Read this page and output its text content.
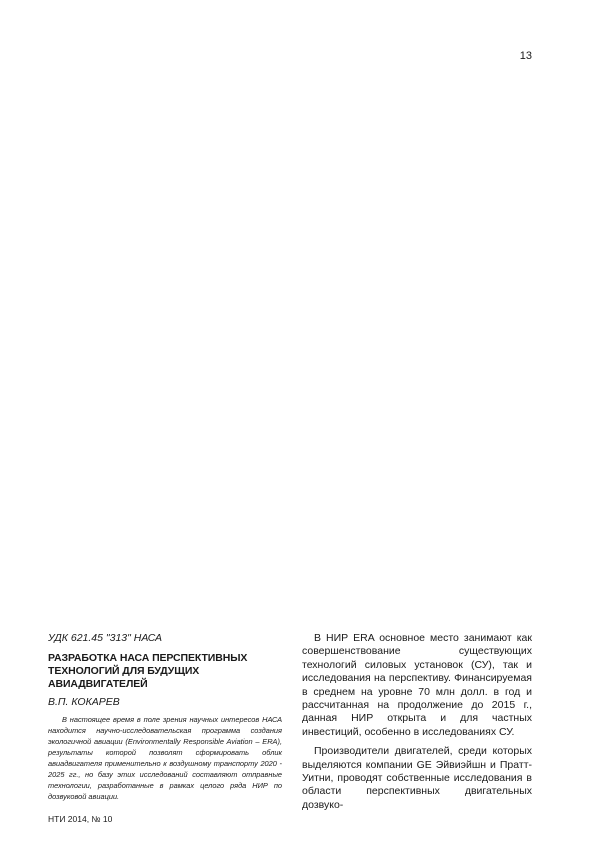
13
УДК 621.45 "313" НАСА
РАЗРАБОТКА НАСА ПЕРСПЕКТИВНЫХ ТЕХНОЛОГИЙ ДЛЯ БУДУЩИХ АВИАДВИГАТЕЛЕЙ
В.П. КОКАРЕВ
В настоящее время в поле зрения научных интересов НАСА находится научно-исследовательская программа создания экологичной авиации (Environmentally Responsible Aviation – ERA), результаты которой позволят сформировать облик авиадвигателя применительно к воздушному транспорту 2020 - 2025 гг., но базу этих исследований составляют отправные технологии, разработанные в рамках целого ряда НИР по дозвуковой авиации.
НТИ 2014, № 10

В НИР ERA основное место занимают как совершенствование существующих технологий силовых установок (СУ), так и исследования на перспективу. Финансируемая в среднем на уровне 70 млн долл. в год и рассчитанная на продолжение до 2015 г., данная НИР открыта и для частных инвестиций, особенно в исследованиях СУ.

Производители двигателей, среди которых выделяются компании GE Эйвиэйшн и Пратт-Уитни, проводят собственные исследования в области перспективных двигательных дозвуко-
